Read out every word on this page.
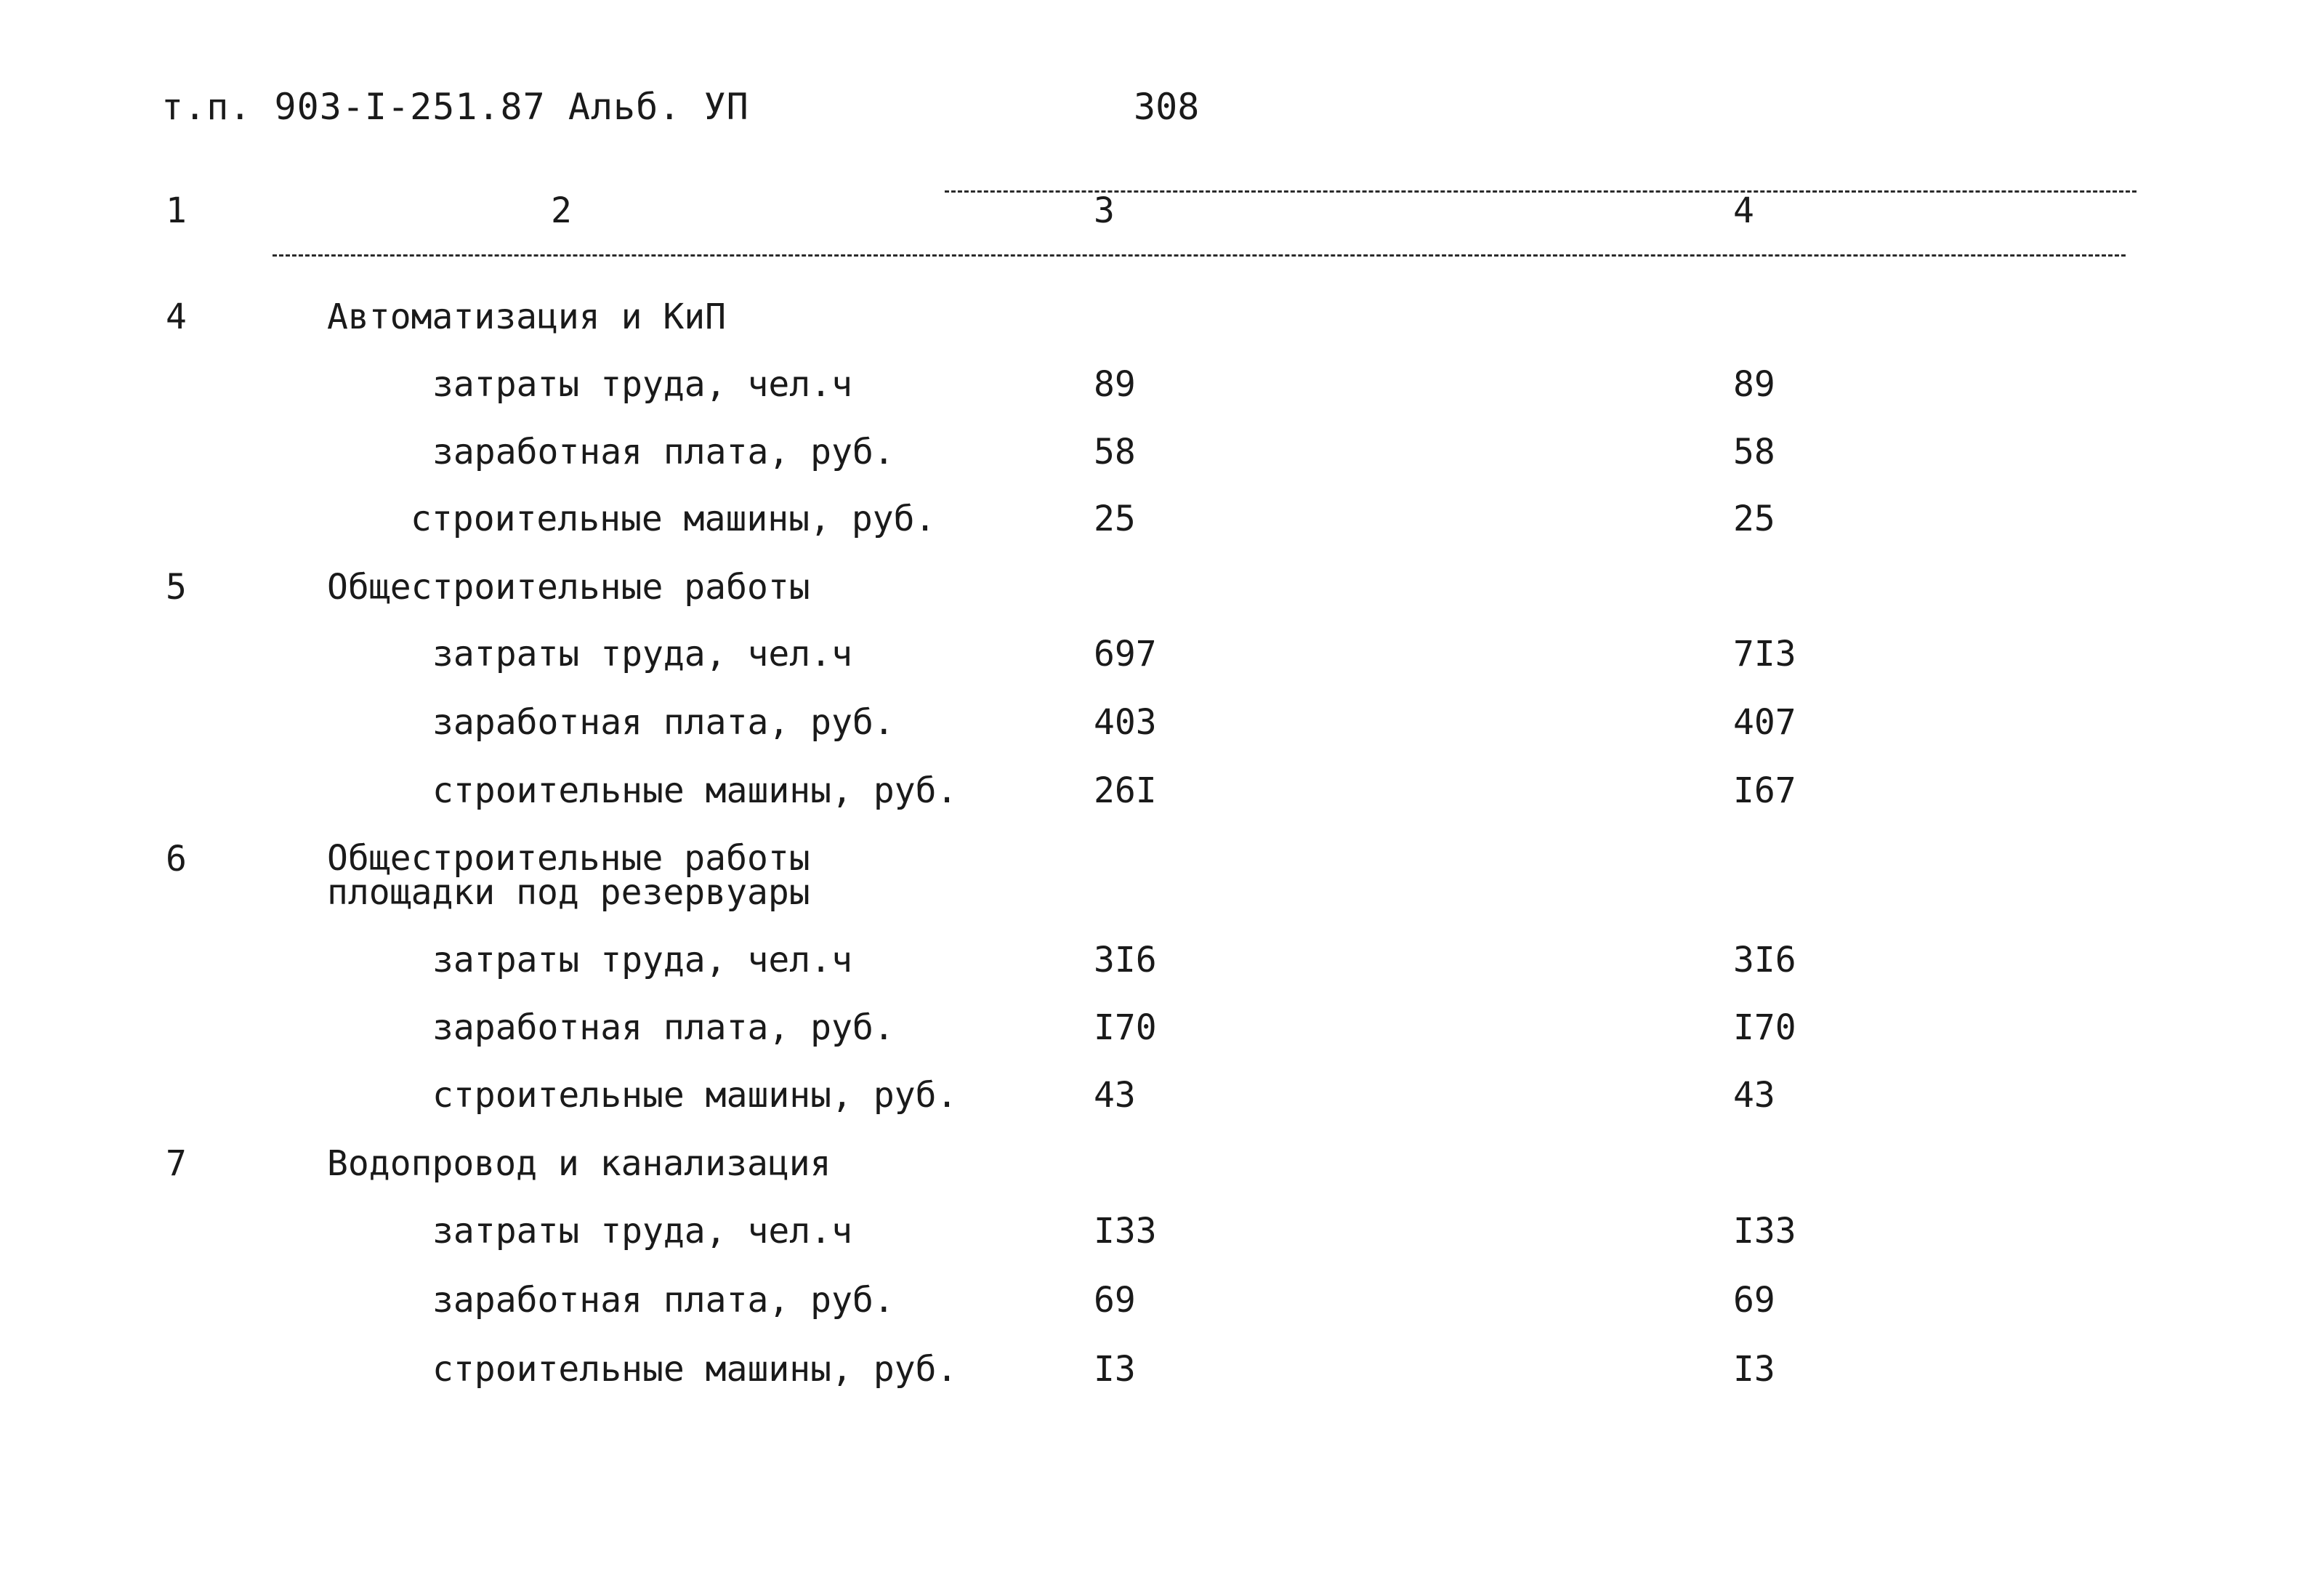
т.п. 903-I-251.87 Альб. УП	308
1	2	3	4
4	Автоматизация и КиП
затраты труда, чел.ч	89	89
заработная плата, руб.	58	58
строительные машины, руб.	25	25
5	Общестроительные работы
затраты труда, чел.ч	697	7I3
заработная плата, руб.	403	407
строительные машины, руб.	26I	I67
6	Общестроительные работы
площадки под резервуары
затраты труда, чел.ч	3I6	3I6
заработная плата, руб.	I70	I70
строительные машины, руб.	43	43
7	Водопровод и канализация
затраты труда, чел.ч	I33	I33
заработная плата, руб.	69	69
строительные машины, руб.	I3	I3
